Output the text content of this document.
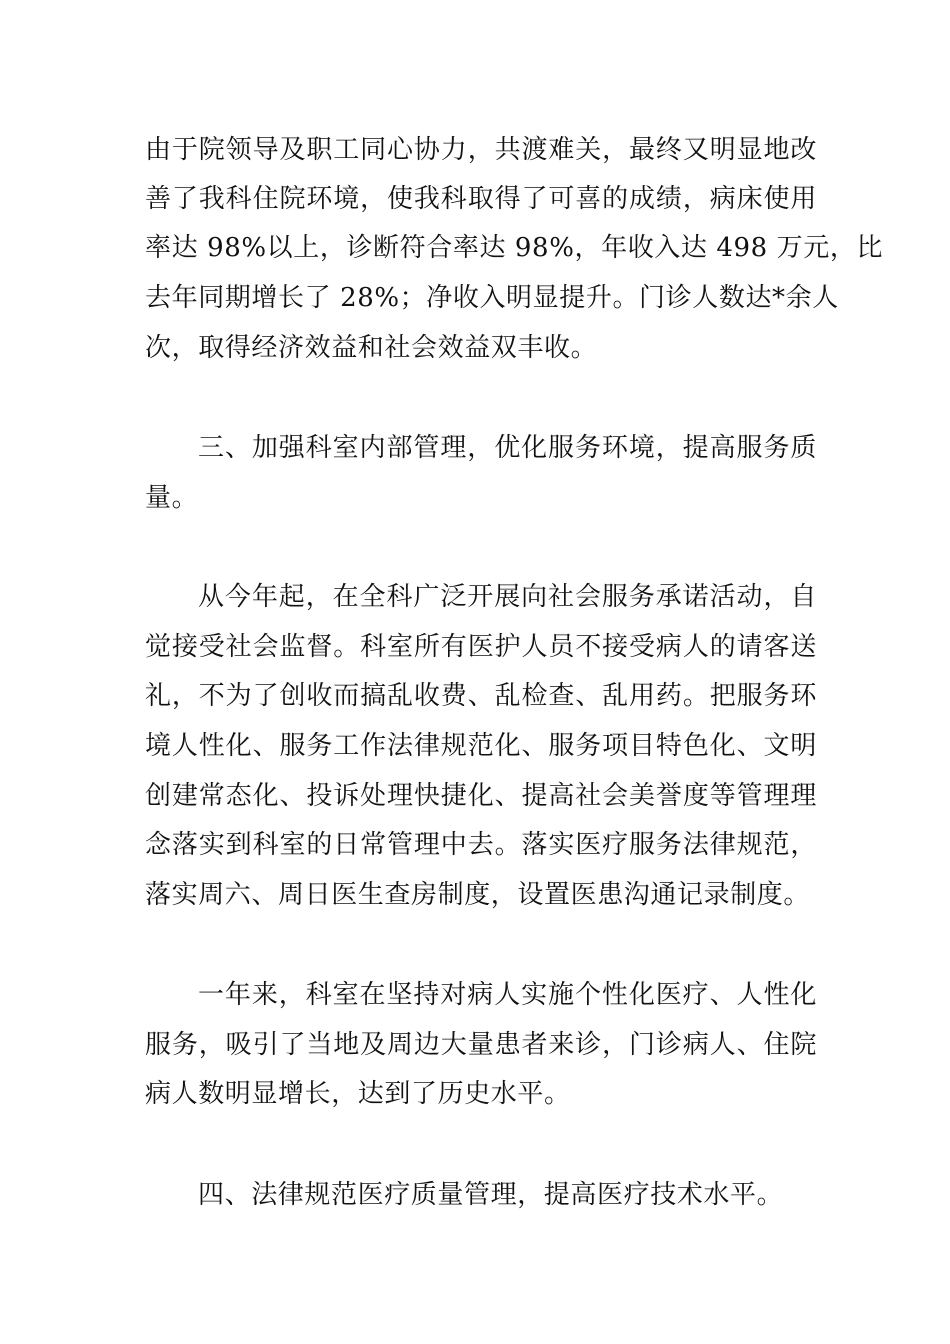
由于院领导及职工同心协力，共渡难关，最终又明显地改
善了我科住院环境，使我科取得了可喜的成绩，病床使用
率达 98%以上，诊断符合率达 98%，年收入达 498 万元，比
去年同期增长了 28%；净收入明显提升。门诊人数达*余人
次，取得经济效益和社会效益双丰收。
三、加强科室内部管理，优化服务环境，提高服务质
量。
从今年起，在全科广泛开展向社会服务承诺活动，自
觉接受社会监督。科室所有医护人员不接受病人的请客送
礼，不为了创收而搞乱收费、乱检查、乱用药。把服务环
境人性化、服务工作法律规范化、服务项目特色化、文明
创建常态化、投诉处理快捷化、提高社会美誉度等管理理
念落实到科室的日常管理中去。落实医疗服务法律规范，
落实周六、周日医生查房制度，设置医患沟通记录制度。
一年来，科室在坚持对病人实施个性化医疗、人性化
服务，吸引了当地及周边大量患者来诊，门诊病人、住院
病人数明显增长，达到了历史水平。
四、法律规范医疗质量管理，提高医疗技术水平。
